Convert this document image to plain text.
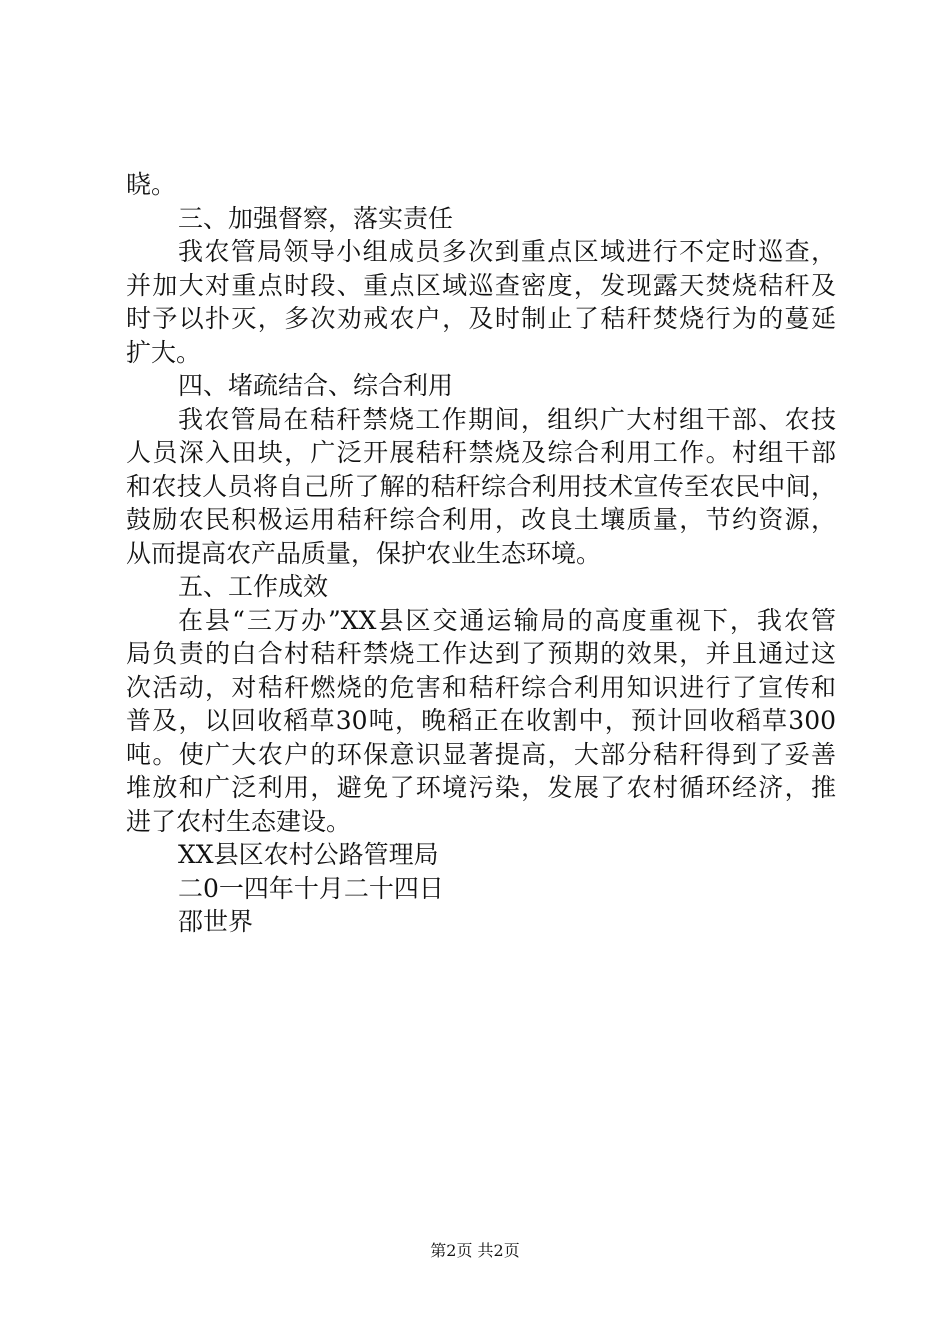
晓。
三、加强督察，落实责任
我农管局领导小组成员多次到重点区域进行不定时巡查，
并加大对重点时段、重点区域巡查密度，发现露天焚烧秸秆及
时予以扑灭，多次劝戒农户，及时制止了秸秆焚烧行为的蔓延
扩大。
四、堵疏结合、综合利用
我农管局在秸秆禁烧工作期间，组织广大村组干部、农技
人员深入田块，广泛开展秸秆禁烧及综合利用工作。村组干部
和农技人员将自己所了解的秸秆综合利用技术宣传至农民中间，
鼓励农民积极运用秸秆综合利用，改良土壤质量，节约资源，
从而提高农产品质量，保护农业生态环境。
五、工作成效
在县“三万办”XX县区交通运输局的高度重视下，我农管
局负责的白合村秸秆禁烧工作达到了预期的效果，并且通过这
次活动，对秸秆燃烧的危害和秸秆综合利用知识进行了宣传和
普及，以回收稻草30吨，晚稻正在收割中，预计回收稻草300
吨。使广大农户的环保意识显著提高，大部分秸秆得到了妥善
堆放和广泛利用，避免了环境污染，发展了农村循环经济，推
进了农村生态建设。
XX县区农村公路管理局
二0一四年十月二十四日
邵世界
第2页 共2页
